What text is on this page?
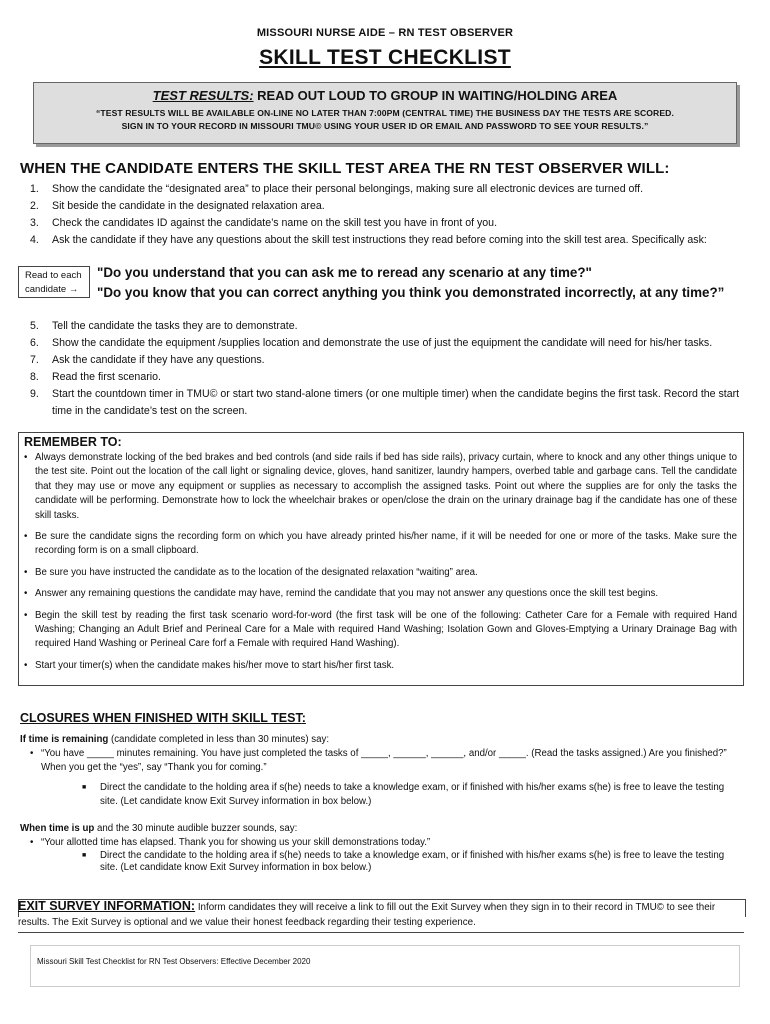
MISSOURI NURSE AIDE – RN TEST OBSERVER
SKILL TEST CHECKLIST
TEST RESULTS: READ OUT LOUD TO GROUP IN WAITING/HOLDING AREA
“TEST RESULTS WILL BE AVAILABLE ON-LINE NO LATER THAN 7:00PM (CENTRAL TIME) THE BUSINESS DAY THE TESTS ARE SCORED.
SIGN IN TO YOUR RECORD IN MISSOURI TMU© USING YOUR USER ID OR EMAIL AND PASSWORD TO SEE YOUR RESULTS.”
WHEN THE CANDIDATE ENTERS THE SKILL TEST AREA THE RN TEST OBSERVER WILL:
1.	Show the candidate the “designated area” to place their personal belongings, making sure all electronic devices are turned off.
2.	Sit beside the candidate in the designated relaxation area.
3.	Check the candidates ID against the candidate’s name on the skill test you have in front of you.
4.	Ask the candidate if they have any questions about the skill test instructions they read before coming into the skill test area. Specifically ask:
Read to each candidate →
"Do you understand that you can ask me to reread any scenario at any time?"
"Do you know that you can correct anything you think you demonstrated incorrectly, at any time?”
5.	Tell the candidate the tasks they are to demonstrate.
6.	Show the candidate the equipment /supplies location and demonstrate the use of just the equipment the candidate will need for his/her tasks.
7.	Ask the candidate if they have any questions.
8.	Read the first scenario.
9.	Start the countdown timer in TMU© or start two stand-alone timers (or one multiple timer) when the candidate begins the first task. Record the start time in the candidate’s test on the screen.
REMEMBER TO:
• Always demonstrate locking of the bed brakes and bed controls (and side rails if bed has side rails), privacy curtain, where to knock and any other things unique to the test site. Point out the location of the call light or signaling device, gloves, hand sanitizer, laundry hampers, overbed table and garbage cans. Tell the candidate that they may use or move any equipment or supplies as necessary to accomplish the assigned tasks. Point out where the supplies are for only the tasks the candidate will be performing. Demonstrate how to lock the wheelchair brakes or open/close the drain on the urinary drainage bag if the candidate has one of these skill tasks.
• Be sure the candidate signs the recording form on which you have already printed his/her name, if it will be needed for one or more of the tasks. Make sure the recording form is on a small clipboard.
• Be sure you have instructed the candidate as to the location of the designated relaxation “waiting” area.
• Answer any remaining questions the candidate may have, remind the candidate that you may not answer any questions once the skill test begins.
• Begin the skill test by reading the first task scenario word-for-word (the first task will be one of the following: Catheter Care for a Female with required Hand Washing; Changing an Adult Brief and Perineal Care for a Male with required Hand Washing; Isolation Gown and Gloves-Emptying a Urinary Drainage Bag with required Hand Washing or Perineal Care forf a Female with required Hand Washing).
• Start your timer(s) when the candidate makes his/her move to start his/her first task.
CLOSURES WHEN FINISHED WITH SKILL TEST:
If time is remaining (candidate completed in less than 30 minutes) say:
• “You have _____ minutes remaining. You have just completed the tasks of _____, ______, ______, and/or _____. (Read the tasks assigned.) Are you finished?” When you get the “yes”, say “Thank you for coming.”
■	Direct the candidate to the holding area if s(he) needs to take a knowledge exam, or if finished with his/her exams s(he) is free to leave the testing site. (Let candidate know Exit Survey information in box below.)
When time is up and the 30 minute audible buzzer sounds, say:
• “Your allotted time has elapsed. Thank you for showing us your skill demonstrations today.”
■	Direct the candidate to the holding area if s(he) needs to take a knowledge exam, or if finished with his/her exams s(he) is free to leave the testing site. (Let candidate know Exit Survey information in box below.)
EXIT SURVEY INFORMATION: Inform candidates they will receive a link to fill out the Exit Survey when they sign in to their record in TMU© to see their results. The Exit Survey is optional and we value their honest feedback regarding their testing experience.
Missouri Skill Test Checklist for RN Test Observers: Effective December 2020
